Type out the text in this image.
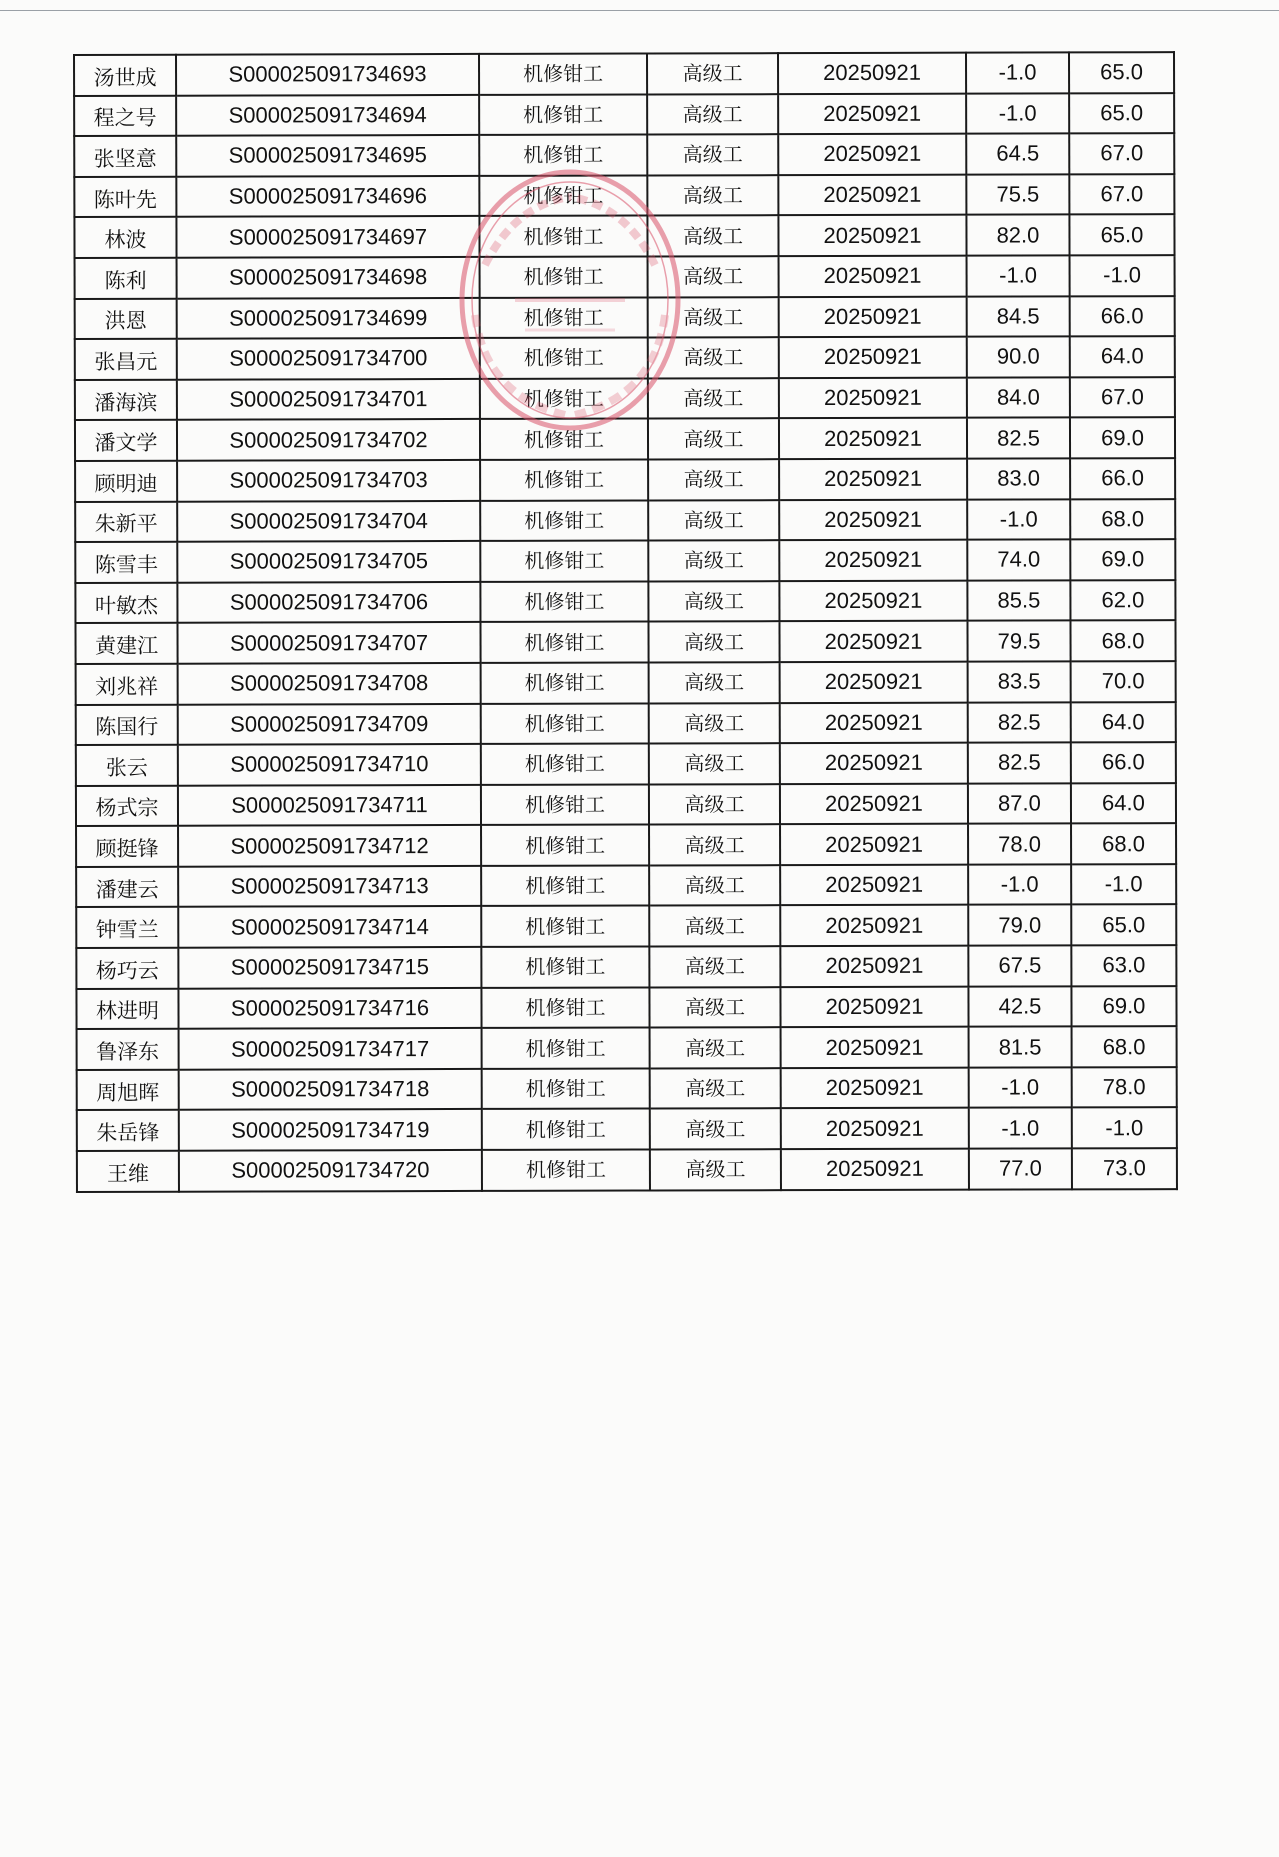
汤世成	S000025091734693	机修钳工	高级工	20250921	-1.0	65.0
程之号	S000025091734694	机修钳工	高级工	20250921	-1.0	65.0
张坚意	S000025091734695	机修钳工	高级工	20250921	64.5	67.0
陈叶先	S000025091734696	机修钳工	高级工	20250921	75.5	67.0
林波	S000025091734697	机修钳工	高级工	20250921	82.0	65.0
陈利	S000025091734698	机修钳工	高级工	20250921	-1.0	-1.0
洪恩	S000025091734699	机修钳工	高级工	20250921	84.5	66.0
张昌元	S000025091734700	机修钳工	高级工	20250921	90.0	64.0
潘海滨	S000025091734701	机修钳工	高级工	20250921	84.0	67.0
潘文学	S000025091734702	机修钳工	高级工	20250921	82.5	69.0
顾明迪	S000025091734703	机修钳工	高级工	20250921	83.0	66.0
朱新平	S000025091734704	机修钳工	高级工	20250921	-1.0	68.0
陈雪丰	S000025091734705	机修钳工	高级工	20250921	74.0	69.0
叶敏杰	S000025091734706	机修钳工	高级工	20250921	85.5	62.0
黄建江	S000025091734707	机修钳工	高级工	20250921	79.5	68.0
刘兆祥	S000025091734708	机修钳工	高级工	20250921	83.5	70.0
陈国行	S000025091734709	机修钳工	高级工	20250921	82.5	64.0
张云	S000025091734710	机修钳工	高级工	20250921	82.5	66.0
杨式宗	S000025091734711	机修钳工	高级工	20250921	87.0	64.0
顾挺锋	S000025091734712	机修钳工	高级工	20250921	78.0	68.0
潘建云	S000025091734713	机修钳工	高级工	20250921	-1.0	-1.0
钟雪兰	S000025091734714	机修钳工	高级工	20250921	79.0	65.0
杨巧云	S000025091734715	机修钳工	高级工	20250921	67.5	63.0
林进明	S000025091734716	机修钳工	高级工	20250921	42.5	69.0
鲁泽东	S000025091734717	机修钳工	高级工	20250921	81.5	68.0
周旭晖	S000025091734718	机修钳工	高级工	20250921	-1.0	78.0
朱岳锋	S000025091734719	机修钳工	高级工	20250921	-1.0	-1.0
王维	S000025091734720	机修钳工	高级工	20250921	77.0	73.0
